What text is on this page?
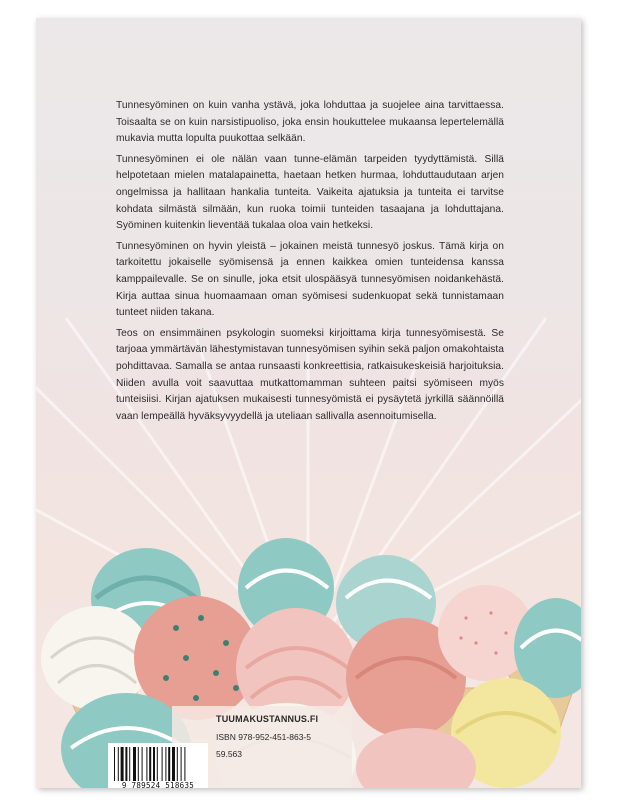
Tunnesyöminen on kuin vanha ystävä, joka lohduttaa ja suojelee aina tarvittaessa. Toisaalta se on kuin narsistipuoliso, joka ensin houkuttelee mukaansa lepertelemällä mukavia mutta lopulta puukottaa selkään.

Tunnesyöminen ei ole nälän vaan tunne-elämän tarpeiden tyydyttämistä. Sillä helpotetaan mielen matalapainetta, haetaan hetken hurmaa, lohduttaudutaan arjen ongelmissa ja hallitaan hankalia tunteita. Vaikeita ajatuksia ja tunteita ei tarvitse kohdata silmästä silmään, kun ruoka toimii tunteiden tasaajana ja lohduttajana. Syöminen kuitenkin lieventää tukalaa oloa vain hetkeksi.

Tunnesyöminen on hyvin yleistä – jokainen meistä tunnesyö joskus. Tämä kirja on tarkoitettu jokaiselle syömisensä ja ennen kaikkea omien tunteidensa kanssa kamppailevalle. Se on sinulle, joka etsit ulospääsyä tunnesyömisen noidankehästä. Kirja auttaa sinua huomaamaan oman syömisesi sudenkuopat sekä tunnistamaan tunteet niiden takana.

Teos on ensimmäinen psykologin suomeksi kirjoittama kirja tunnesyömisestä. Se tarjoaa ymmärtävän lähestymistavan tunnesyömisen syihin sekä paljon omakohtaista pohdittavaa. Samalla se antaa runsaasti konkreettisia, ratkaisukeskeisiä harjoituksia. Niiden avulla voit saavuttaa mutkattomamman suhteen paitsi syömiseen myös tunteisiisi. Kirjan ajatuksen mukaisesti tunnesyömistä ei pysäytetä jyrkillä säännöillä vaan lempeällä hyväksyvyydellä ja uteliaan sallivalla asennoitumisella.

TUUMAKUSTANNUS.FI
ISBN 978-952-451-863-5
59.563
9 789524 518635
